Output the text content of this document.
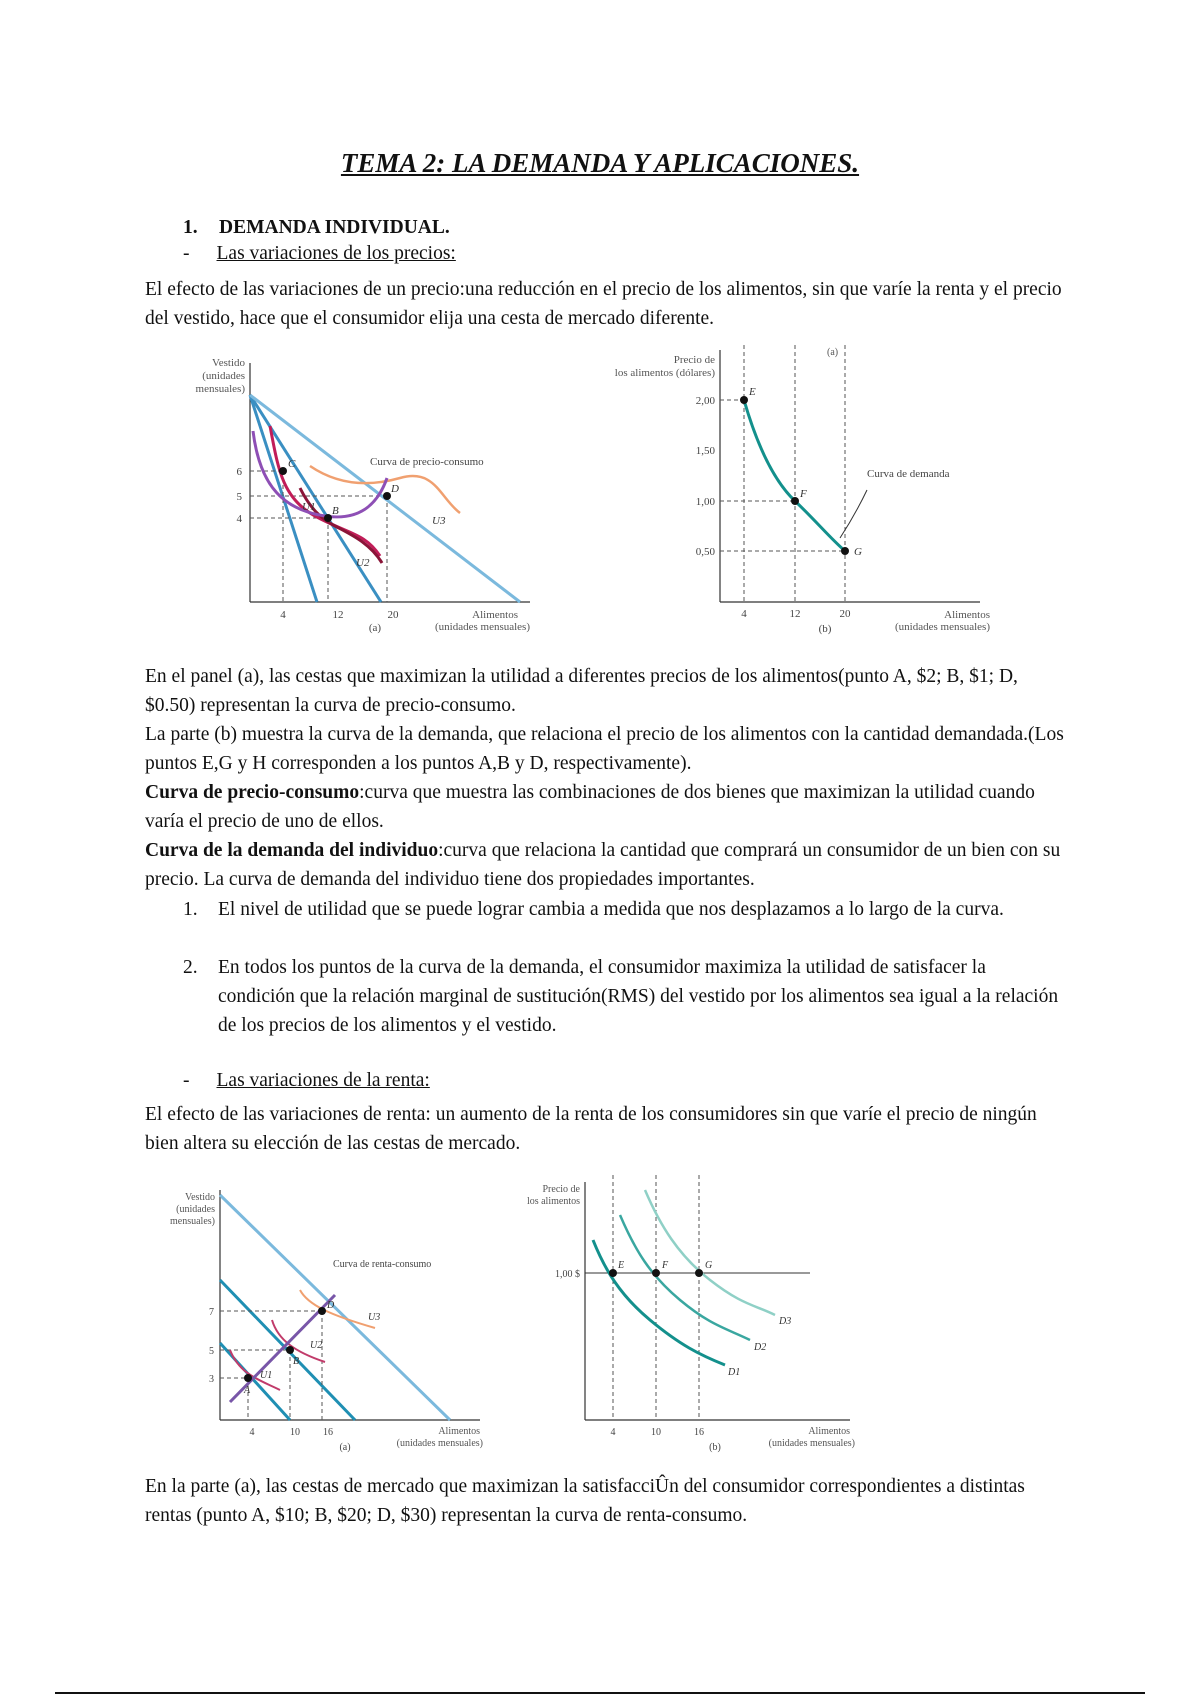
TEMA 2: LA DEMANDA Y APLICACIONES.
1. DEMANDA INDIVIDUAL.
- Las variaciones de los precios:

El efecto de las variaciones de un precio:una reducción en el precio de los alimentos, sin que varíe la renta y el precio del vestido, hace que el consumidor elija una cesta de mercado diferente.

Vestido
(unidades
mensuales)
C
B
D
U1
U2
U3
Curva de precio-consumo
6
5
4
4	12	20
(a)
Alimentos
(unidades mensuales)
Precio de
los alimentos (dólares)
(a)
E
F
G
Curva de demanda
2,00
1,50
1,00
0,50
4	12	20
(b)
Alimentos
(unidades mensuales)

En el panel (a), las cestas que maximizan la utilidad a diferentes precios de los alimentos(punto A, $2; B, $1; D, $0.50) representan la curva de precio-consumo.

La parte (b) muestra la curva de la demanda, que relaciona el precio de los alimentos con la cantidad demandada.(Los puntos E,G y H corresponden a los puntos A,B y D, respectivamente).

Curva de precio-consumo:curva que muestra las combinaciones de dos bienes que maximizan la utilidad cuando varía el precio de uno de ellos.

Curva de la demanda del individuo:curva que relaciona la cantidad que comprará un consumidor de un bien con su precio. La curva de demanda del individuo tiene dos propiedades importantes.

1. El nivel de utilidad que se puede lograr cambia a medida que nos desplazamos a lo largo de la curva.
2. En todos los puntos de la curva de la demanda, el consumidor maximiza la utilidad de satisfacer la condición que la relación marginal de sustitución(RMS) del vestido por los alimentos sea igual a la relación de los precios de los alimentos y el vestido.
- Las variaciones de la renta:

El efecto de las variaciones de renta: un aumento de la renta de los consumidores sin que varíe el precio de ningún bien altera su elección de las cestas de mercado.

Vestido
(unidades
mensuales)
A
B
D
U1
U2
U3
Curva de renta-consumo
7
5
3
4	10 16
(a)
Alimentos
(unidades mensuales)
Precio de
los alimentos
E	F	G
D1
D2
D3
1,00 $
4	10	16
(b)
Alimentos
(unidades mensuales)

En la parte (a), las cestas de mercado que maximizan la satisfacciÛn del consumidor correspondientes a distintas rentas (punto A, $10; B, $20; D, $30) representan la curva de renta-consumo.
